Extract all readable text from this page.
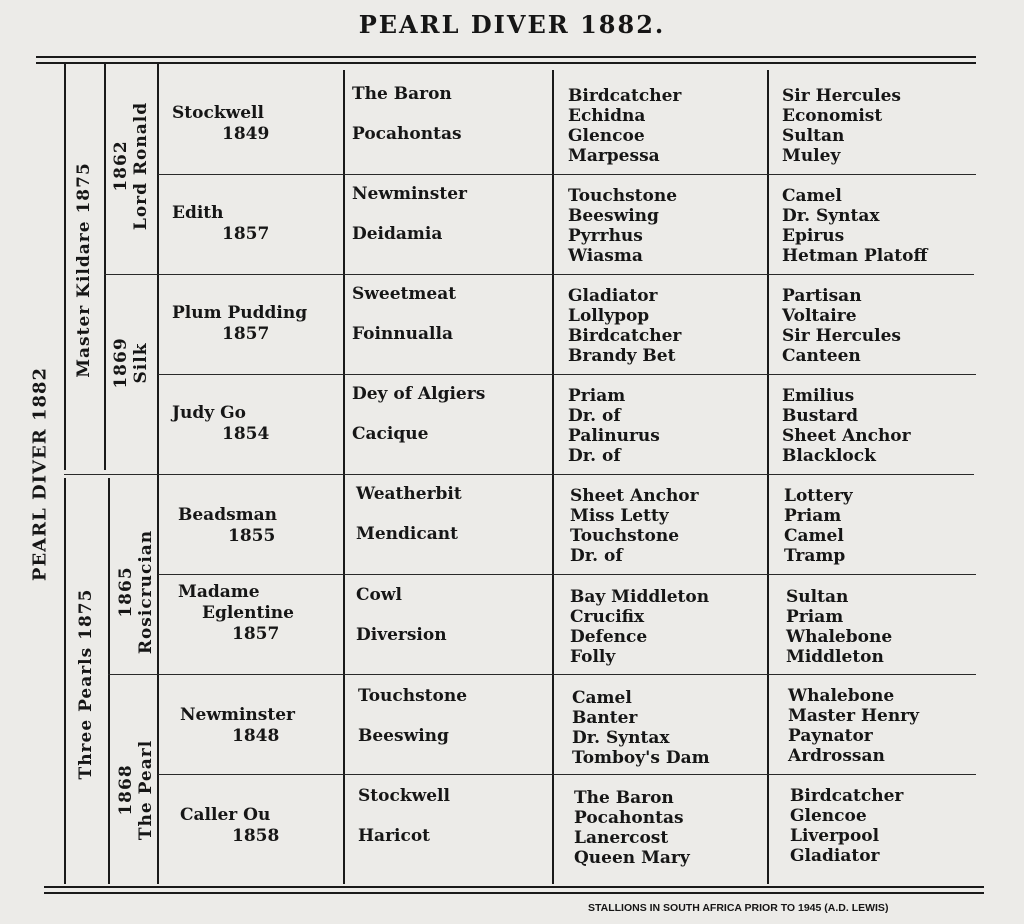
PEARL DIVER 1882.
PEARL DIVER 1882
Master Kildare 1875
Three Pearls 1875
1862 Lord Ronald
1869 Silk
1865 Rosicrucian
1868 The Pearl
Stockwell
1849
The Baron
Pocahontas
Birdcatcher
Echidna
Glencoe
Marpessa
Sir Hercules
Economist
Sultan
Muley
Edith
1857
Newminster
Deidamia
Touchstone
Beeswing
Pyrrhus
Wiasma
Camel
Dr. Syntax
Epirus
Hetman Platoff
Plum Pudding
1857
Sweetmeat
Foinnualla
Gladiator
Lollypop
Birdcatcher
Brandy Bet
Partisan
Voltaire
Sir Hercules
Canteen
Judy Go
1854
Dey of Algiers
Cacique
Priam
Dr. of
Palinurus
Dr. of
Emilius
Bustard
Sheet Anchor
Blacklock
Beadsman
1855
Weatherbit
Mendicant
Sheet Anchor
Miss Letty
Touchstone
Dr. of
Lottery
Priam
Camel
Tramp
Madame
Eglentine
1857
Cowl
Diversion
Bay Middleton
Crucifix
Defence
Folly
Sultan
Priam
Whalebone
Middleton
Newminster
1848
Touchstone
Beeswing
Camel
Banter
Dr. Syntax
Tomboy's Dam
Whalebone
Master Henry
Paynator
Ardrossan
Caller Ou
1858
Stockwell
Haricot
The Baron
Pocahontas
Lanercost
Queen Mary
Birdcatcher
Glencoe
Liverpool
Gladiator
STALLIONS IN SOUTH AFRICA PRIOR TO 1945 (A.D. LEWIS)
